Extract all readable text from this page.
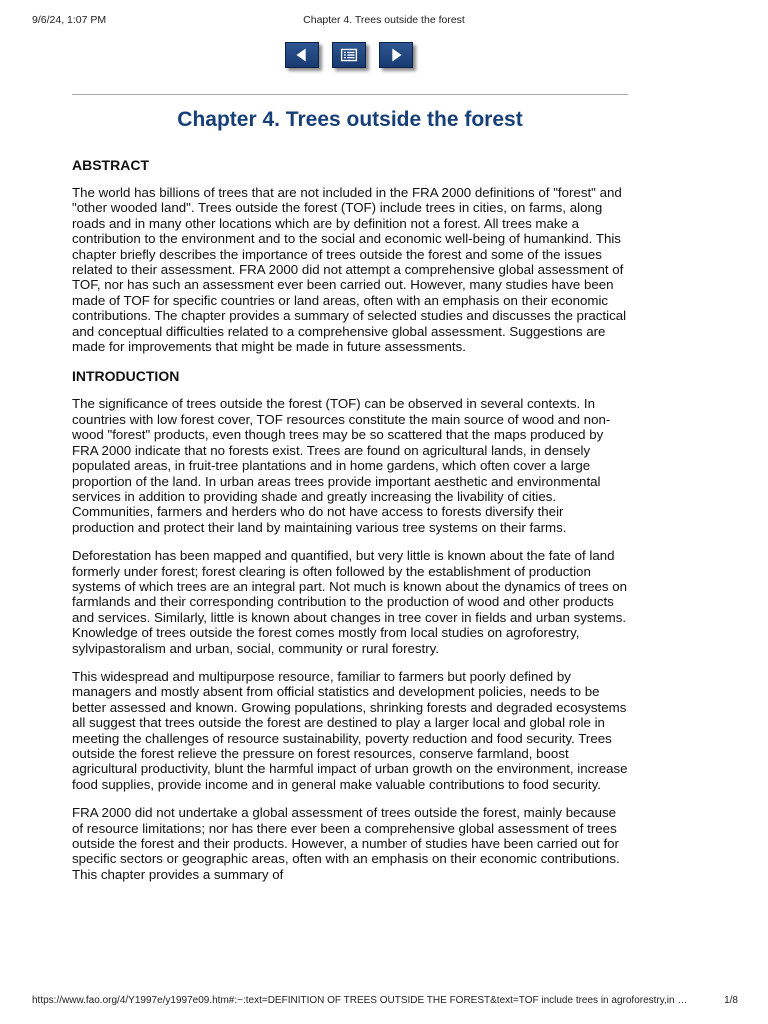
9/6/24, 1:07 PM	Chapter 4. Trees outside the forest
Chapter 4. Trees outside the forest
ABSTRACT

The world has billions of trees that are not included in the FRA 2000 definitions of "forest" and "other wooded land". Trees outside the forest (TOF) include trees in cities, on farms, along roads and in many other locations which are by definition not a forest. All trees make a contribution to the environment and to the social and economic well-being of humankind. This chapter briefly describes the importance of trees outside the forest and some of the issues related to their assessment. FRA 2000 did not attempt a comprehensive global assessment of TOF, nor has such an assessment ever been carried out. However, many studies have been made of TOF for specific countries or land areas, often with an emphasis on their economic contributions. The chapter provides a summary of selected studies and discusses the practical and conceptual difficulties related to a comprehensive global assessment. Suggestions are made for improvements that might be made in future assessments.

INTRODUCTION

The significance of trees outside the forest (TOF) can be observed in several contexts. In countries with low forest cover, TOF resources constitute the main source of wood and non-wood "forest" products, even though trees may be so scattered that the maps produced by FRA 2000 indicate that no forests exist. Trees are found on agricultural lands, in densely populated areas, in fruit-tree plantations and in home gardens, which often cover a large proportion of the land. In urban areas trees provide important aesthetic and environmental services in addition to providing shade and greatly increasing the livability of cities. Communities, farmers and herders who do not have access to forests diversify their production and protect their land by maintaining various tree systems on their farms.

Deforestation has been mapped and quantified, but very little is known about the fate of land formerly under forest; forest clearing is often followed by the establishment of production systems of which trees are an integral part. Not much is known about the dynamics of trees on farmlands and their corresponding contribution to the production of wood and other products and services. Similarly, little is known about changes in tree cover in fields and urban systems. Knowledge of trees outside the forest comes mostly from local studies on agroforestry, sylvipastoralism and urban, social, community or rural forestry.

This widespread and multipurpose resource, familiar to farmers but poorly defined by managers and mostly absent from official statistics and development policies, needs to be better assessed and known. Growing populations, shrinking forests and degraded ecosystems all suggest that trees outside the forest are destined to play a larger local and global role in meeting the challenges of resource sustainability, poverty reduction and food security. Trees outside the forest relieve the pressure on forest resources, conserve farmland, boost agricultural productivity, blunt the harmful impact of urban growth on the environment, increase food supplies, provide income and in general make valuable contributions to food security.

FRA 2000 did not undertake a global assessment of trees outside the forest, mainly because of resource limitations; nor has there ever been a comprehensive global assessment of trees outside the forest and their products. However, a number of studies have been carried out for specific sectors or geographic areas, often with an emphasis on their economic contributions. This chapter provides a summary of

https://www.fao.org/4/Y1997e/y1997e09.htm#:~:text=DEFINITION OF TREES OUTSIDE THE FOREST&text=TOF include trees in agroforestry,in …	1/8
